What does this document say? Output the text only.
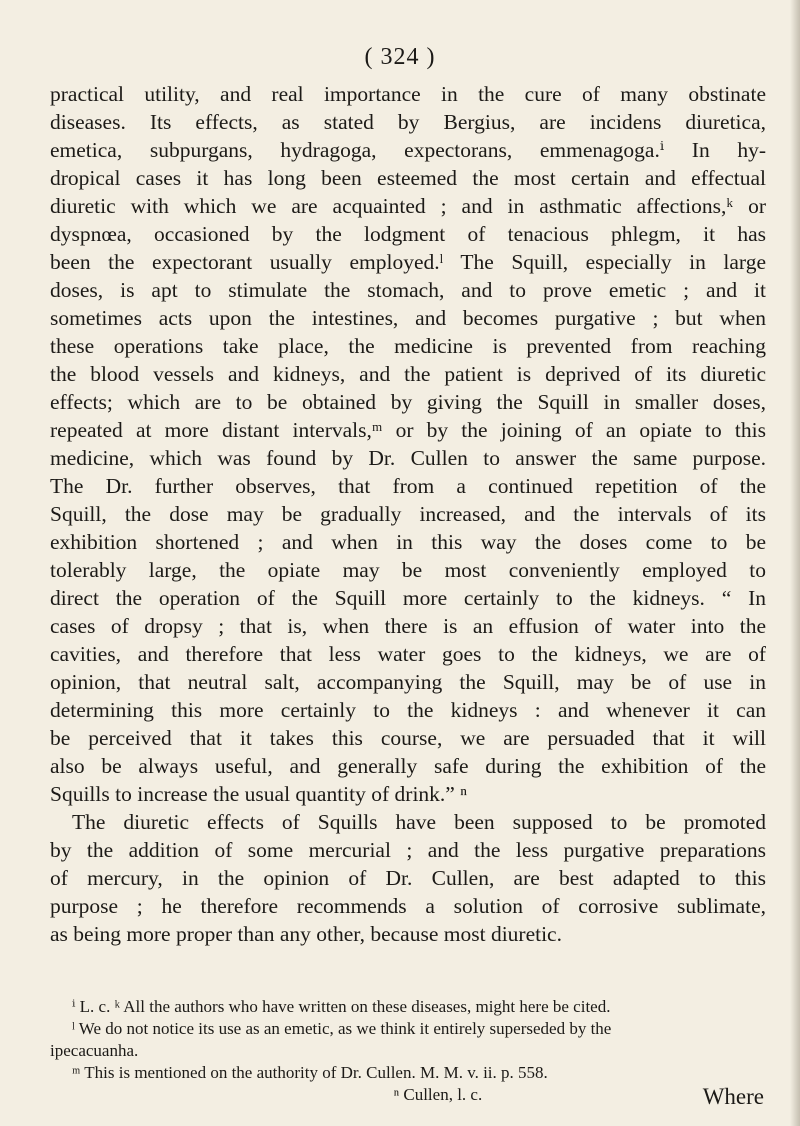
( 324 )
practical utility, and real importance in the cure of many obstinate
diseases. Its effects, as stated by Bergius, are incidens diuretica,
emetica, subpurgans, hydragoga, expectorans, emmenagoga.ⁱ In hy-
dropical cases it has long been esteemed the most certain and effectual
diuretic with which we are acquainted ; and in asthmatic affections,ᵏ or
dyspnœa, occasioned by the lodgment of tenacious phlegm, it has
been the expectorant usually employed.ˡ The Squill, especially in large
doses, is apt to stimulate the stomach, and to prove emetic ; and it
sometimes acts upon the intestines, and becomes purgative ; but when
these operations take place, the medicine is prevented from reaching
the blood vessels and kidneys, and the patient is deprived of its diuretic
effects; which are to be obtained by giving the Squill in smaller doses,
repeated at more distant intervals,ᵐ or by the joining of an opiate to this
medicine, which was found by Dr. Cullen to answer the same purpose.
The Dr. further observes, that from a continued repetition of the
Squill, the dose may be gradually increased, and the intervals of its
exhibition shortened ; and when in this way the doses come to be
tolerably large, the opiate may be most conveniently employed to
direct the operation of the Squill more certainly to the kidneys. “ In
cases of dropsy ; that is, when there is an effusion of water into the
cavities, and therefore that less water goes to the kidneys, we are of
opinion, that neutral salt, accompanying the Squill, may be of use in
determining this more certainly to the kidneys : and whenever it can
be perceived that it takes this course, we are persuaded that it will
also be always useful, and generally safe during the exhibition of the
Squills to increase the usual quantity of drink.” ⁿ
The diuretic effects of Squills have been supposed to be promoted
by the addition of some mercurial ; and the less purgative preparations
of mercury, in the opinion of Dr. Cullen, are best adapted to this
purpose ; he therefore recommends a solution of corrosive sublimate,
as being more proper than any other, because most diuretic.
ⁱ L. c. ᵏ All the authors who have written on these diseases, might here be cited.
ˡ We do not notice its use as an emetic, as we think it entirely superseded by the
ipecacuanha.
ᵐ This is mentioned on the authority of Dr. Cullen. M. M. v. ii. p. 558.
ⁿ Cullen, l. c.	Where
